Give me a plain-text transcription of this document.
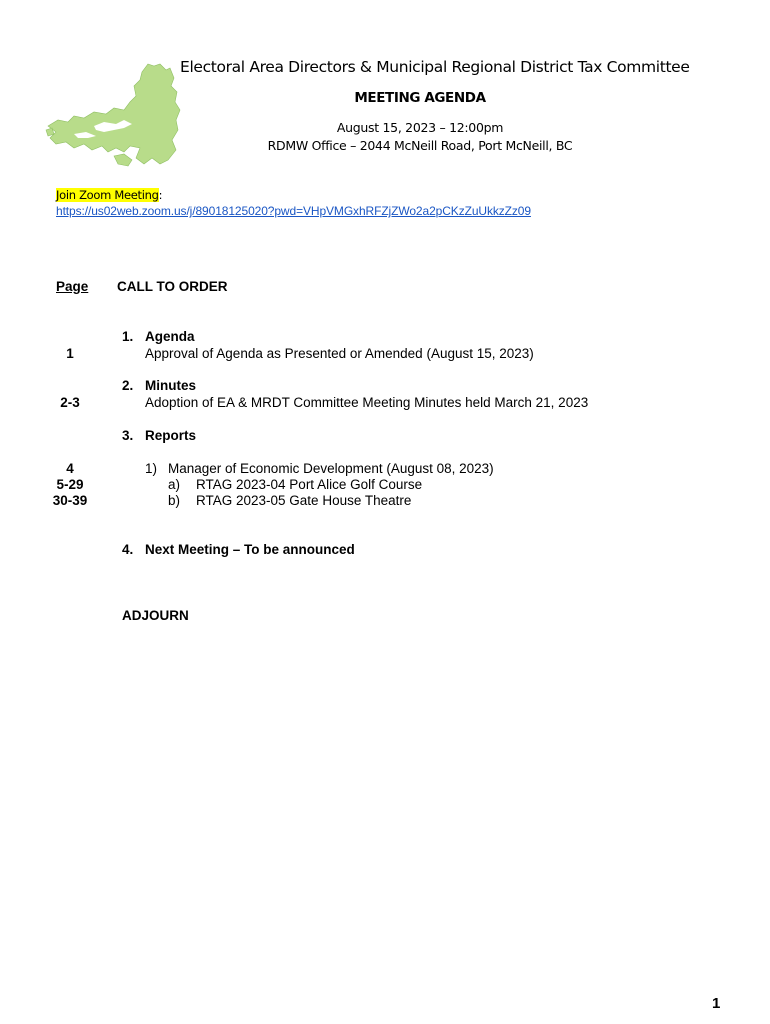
Electoral Area Directors & Municipal Regional District Tax Committee
MEETING AGENDA
August 15, 2023 – 12:00pm
RDMW Office – 2044 McNeill Road, Port McNeill, BC
Join Zoom Meeting:
https://us02web.zoom.us/j/89018125020?pwd=VHpVMGxhRFZjZWo2a2pCKzZuUkkzZz09
Page CALL TO ORDER
1. Agenda
Approval of Agenda as Presented or Amended (August 15, 2023)
1
2. Minutes
Adoption of EA & MRDT Committee Meeting Minutes held March 21, 2023
2-3
3. Reports
1) Manager of Economic Development (August 08, 2023)
4
a) RTAG 2023-04 Port Alice Golf Course
5-29
b) RTAG 2023-05 Gate House Theatre
30-39
4. Next Meeting – To be announced
ADJOURN
1
